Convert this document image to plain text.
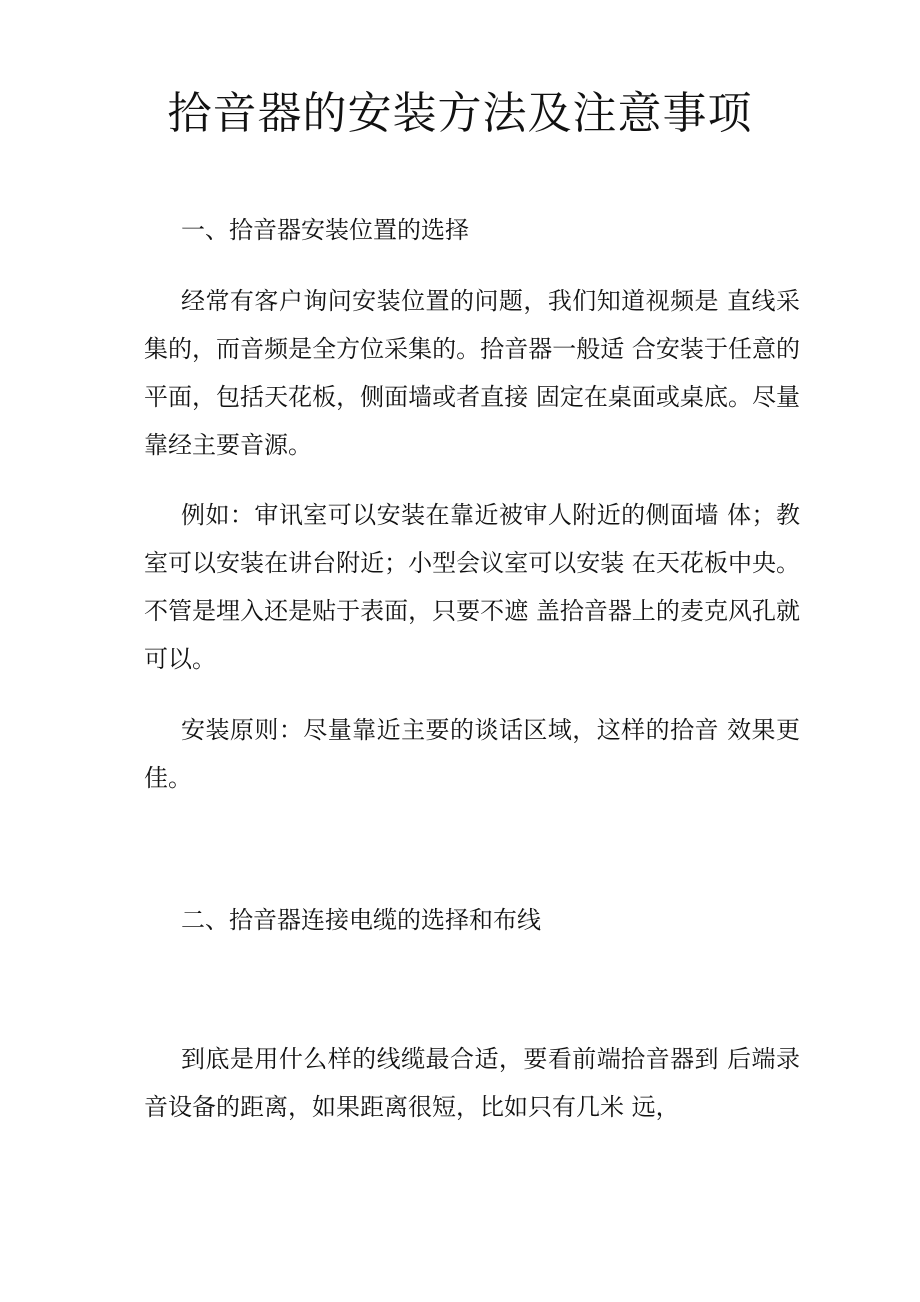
拾音器的安装方法及注意事项

一、拾音器安装位置的选择

经常有客户询问安装位置的问题，我们知道视频是 直线采集的，而音频是全方位采集的。拾音器一般适 合安装于任意的平面，包括天花板，侧面墙或者直接 固定在桌面或桌底。尽量靠经主要音源。

例如：审讯室可以安装在靠近被审人附近的侧面墙 体；教室可以安装在讲台附近；小型会议室可以安装 在天花板中央。不管是埋入还是贴于表面，只要不遮 盖拾音器上的麦克风孔就可以。

安装原则：尽量靠近主要的谈话区域，这样的拾音 效果更佳。

二、拾音器连接电缆的选择和布线

到底是用什么样的线缆最合适，要看前端拾音器到 后端录音设备的距离，如果距离很短，比如只有几米 远，
